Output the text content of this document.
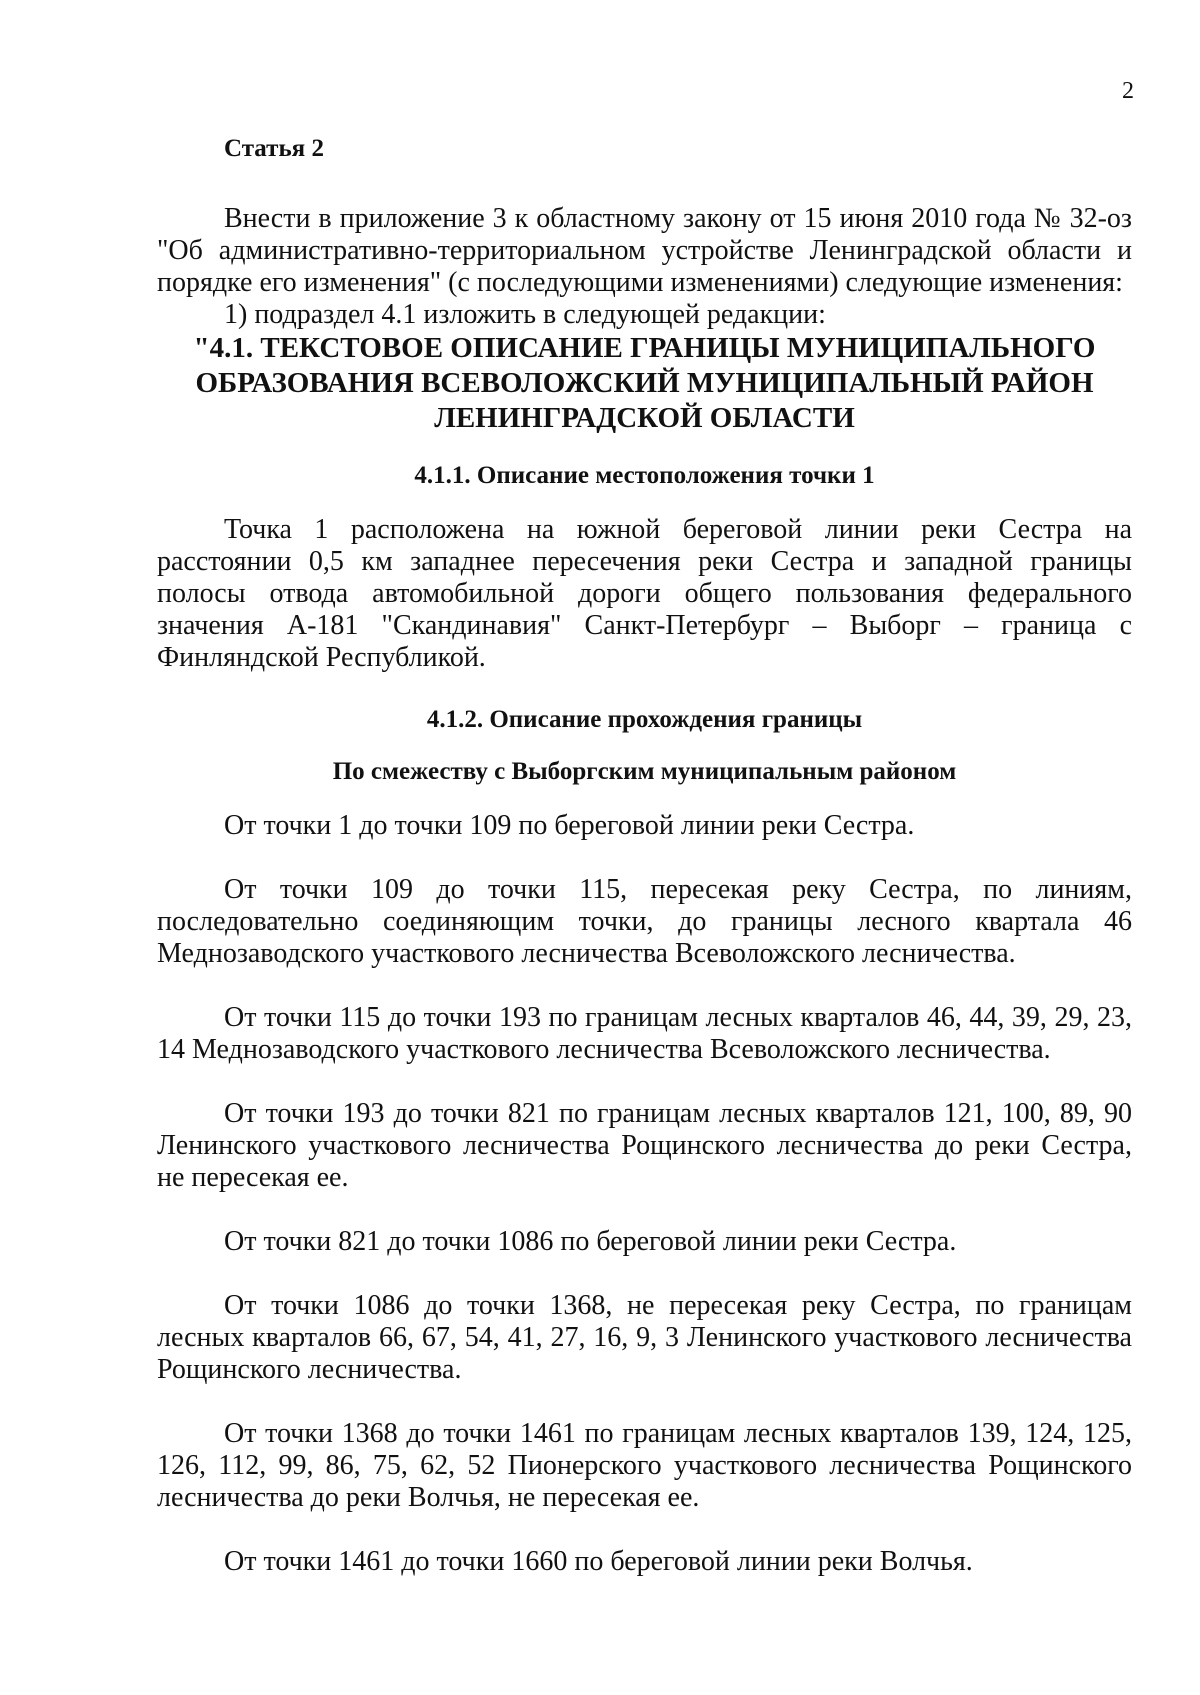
2
Статья 2

Внести в приложение 3 к областному закону от 15 июня 2010 года № 32-оз "Об административно-территориальном устройстве Ленинградской области и порядке его изменения" (с последующими изменениями) следующие изменения:

1) подраздел 4.1 изложить в следующей редакции:

"4.1. ТЕКСТОВОЕ ОПИСАНИЕ ГРАНИЦЫ МУНИЦИПАЛЬНОГО ОБРАЗОВАНИЯ ВСЕВОЛОЖСКИЙ МУНИЦИПАЛЬНЫЙ РАЙОН ЛЕНИНГРАДСКОЙ ОБЛАСТИ
4.1.1. Описание местоположения точки 1

Точка 1 расположена на южной береговой линии реки Сестра на расстоянии 0,5 км западнее пересечения реки Сестра и западной границы полосы отвода автомобильной дороги общего пользования федерального значения А-181 "Скандинавия" Санкт-Петербург – Выборг – граница с Финляндской Республикой.

4.1.2. Описание прохождения границы
По смежеству с Выборгским муниципальным районом

От точки 1 до точки 109 по береговой линии реки Сестра.

От точки 109 до точки 115, пересекая реку Сестра, по линиям, последовательно соединяющим точки, до границы лесного квартала 46 Меднозаводского участкового лесничества Всеволожского лесничества.

От точки 115 до точки 193 по границам лесных кварталов 46, 44, 39, 29, 23, 14 Меднозаводского участкового лесничества Всеволожского лесничества.

От точки 193 до точки 821 по границам лесных кварталов 121, 100, 89, 90 Ленинского участкового лесничества Рощинского лесничества до реки Сестра, не пересекая ее.

От точки 821 до точки 1086 по береговой линии реки Сестра.

От точки 1086 до точки 1368, не пересекая реку Сестра, по границам лесных кварталов 66, 67, 54, 41, 27, 16, 9, 3 Ленинского участкового лесничества Рощинского лесничества.

От точки 1368 до точки 1461 по границам лесных кварталов 139, 124, 125, 126, 112, 99, 86, 75, 62, 52 Пионерского участкового лесничества Рощинского лесничества до реки Волчья, не пересекая ее.

От точки 1461 до точки 1660 по береговой линии реки Волчья.
